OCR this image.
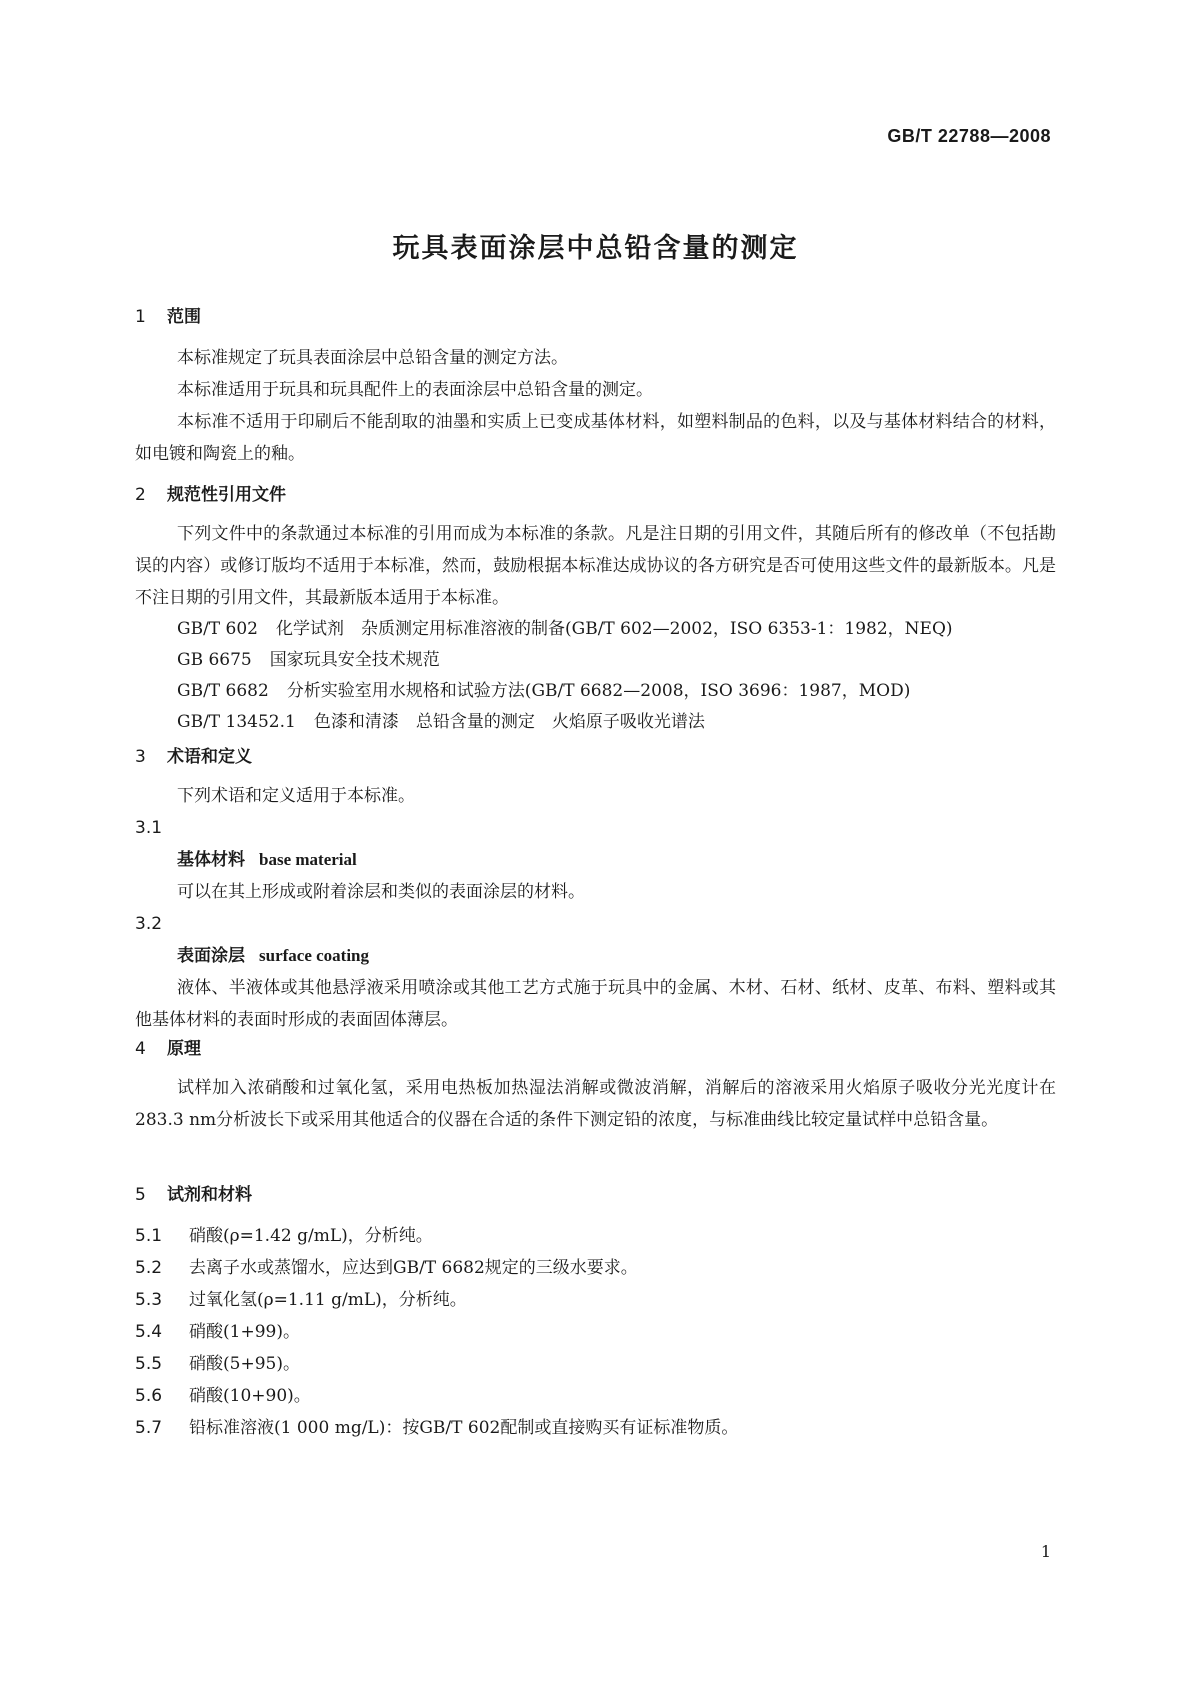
GB/T 22788—2008
玩具表面涂层中总铅含量的测定

1 范围

本标准规定了玩具表面涂层中总铅含量的测定方法。

本标准适用于玩具和玩具配件上的表面涂层中总铅含量的测定。

本标准不适用于印刷后不能刮取的油墨和实质上已变成基体材料，如塑料制品的色料，以及与基体材料结合的材料，如电镀和陶瓷上的釉。

2 规范性引用文件

下列文件中的条款通过本标准的引用而成为本标准的条款。凡是注日期的引用文件，其随后所有的修改单（不包括勘误的内容）或修订版均不适用于本标准，然而，鼓励根据本标准达成协议的各方研究是否可使用这些文件的最新版本。凡是不注日期的引用文件，其最新版本适用于本标准。

GB/T 602 化学试剂　杂质测定用标准溶液的制备(GB/T 602—2002，ISO 6353-1：1982，NEQ)

GB 6675 国家玩具安全技术规范

GB/T 6682 分析实验室用水规格和试验方法(GB/T 6682—2008，ISO 3696：1987，MOD)

GB/T 13452.1 色漆和清漆　总铅含量的测定　火焰原子吸收光谱法

3 术语和定义

下列术语和定义适用于本标准。

3.1

基体材料 base material

可以在其上形成或附着涂层和类似的表面涂层的材料。

3.2

表面涂层 surface coating

液体、半液体或其他悬浮液采用喷涂或其他工艺方式施于玩具中的金属、木材、石材、纸材、皮革、布料、塑料或其他基体材料的表面时形成的表面固体薄层。

4 原理

试样加入浓硝酸和过氧化氢，采用电热板加热湿法消解或微波消解，消解后的溶液采用火焰原子吸收分光光度计在283.3 nm分析波长下或采用其他适合的仪器在合适的条件下测定铅的浓度，与标准曲线比较定量试样中总铅含量。

5 试剂和材料

5.1 硝酸(ρ=1.42 g/mL)，分析纯。

5.2 去离子水或蒸馏水，应达到GB/T 6682规定的三级水要求。

5.3 过氧化氢(ρ=1.11 g/mL)，分析纯。

5.4 硝酸(1+99)。

5.5 硝酸(5+95)。

5.6 硝酸(10+90)。

5.7 铅标准溶液(1 000 mg/L)：按GB/T 602配制或直接购买有证标准物质。

1
